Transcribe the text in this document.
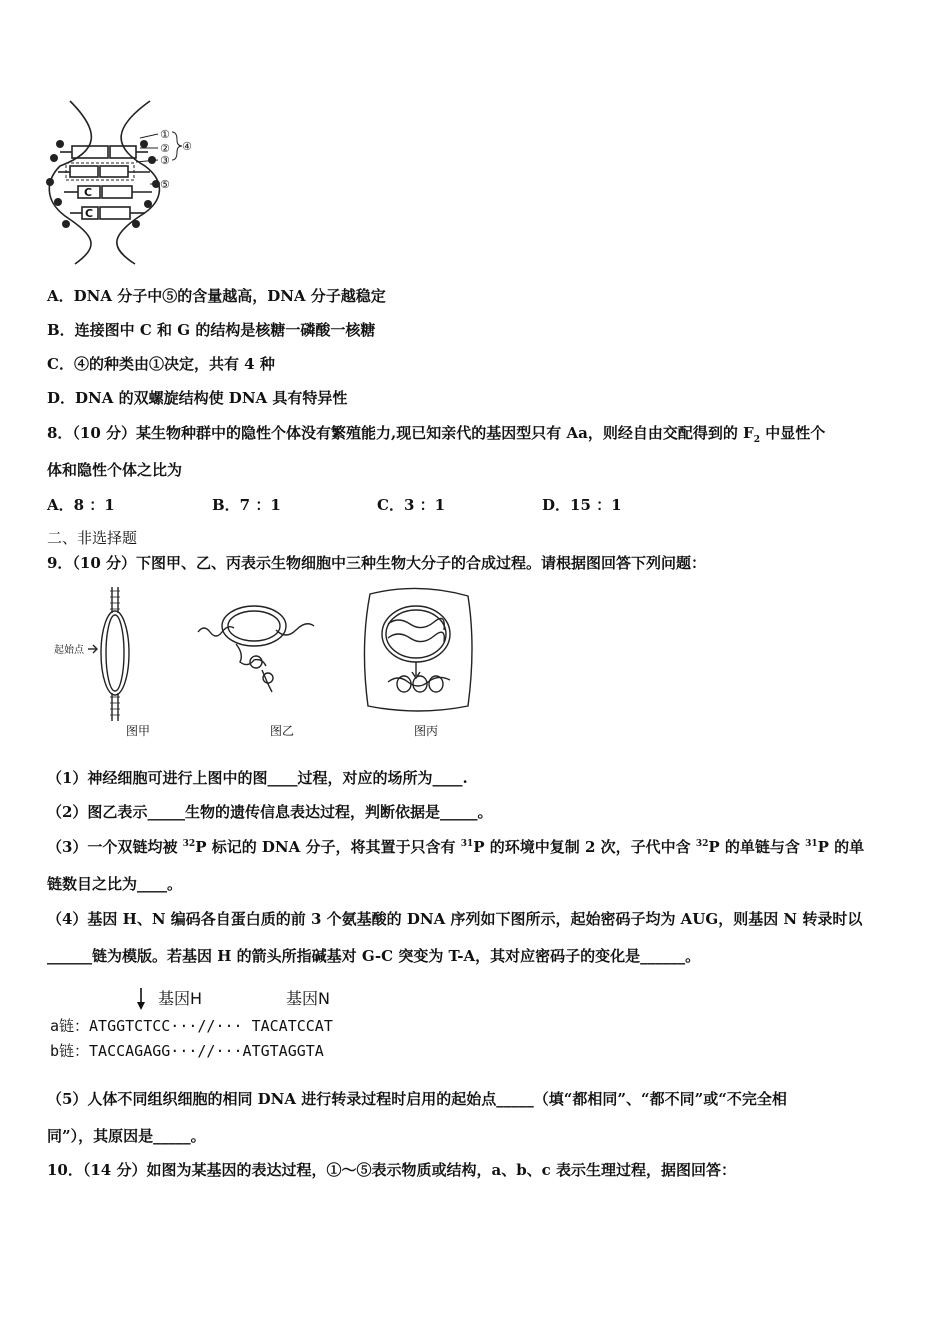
①
②
③
④
⑤
C
C
A．DNA 分子中⑤的含量越高，DNA 分子越稳定
B．连接图中 C 和 G 的结构是核糖一磷酸一核糖
C．④的种类由①决定，共有 4 种
D．DNA 的双螺旋结构使 DNA 具有特异性
8．（10 分）某生物种群中的隐性个体没有繁殖能力,现已知亲代的基因型只有 Aa，则经自由交配得到的 $F_2$ 中显性个
体和隐性个体之比为
A．8 ：1	B．7 ：1	C．3 ：1	D．15 ：1
二、非选择题
9．（10 分）下图甲、乙、丙表示生物细胞中三种生物大分子的合成过程。请根据图回答下列问题：
起始点
图甲	图乙	图丙
（1）神经细胞可进行上图中的图____过程，对应的场所为____.
（2）图乙表示_____生物的遗传信息表达过程，判断依据是_____。
（3）一个双链均被 $^{32}$P 标记的 DNA 分子，将其置于只含有 $^{31}$P 的环境中复制 2 次，子代中含 $^{32}$P 的单链与含 $^{31}$P 的单
链数目之比为____。
（4）基因 H、N 编码各自蛋白质的前 3 个氨基酸的 DNA 序列如下图所示，起始密码子均为 AUG，则基因 N 转录时以
______链为模版。若基因 H 的箭头所指碱基对 G-C 突变为 T-A，其对应密码子的变化是______。
基因H	基因N
a链：ATGGTCTCC···//··· TACATCCAT
b链：TACCAGAGG···//···ATGTAGGTA
（5）人体不同组织细胞的相同 DNA 进行转录过程时启用的起始点_____（填“都相同”、“都不同”或“不完全相
同”），其原因是_____。
10．（14 分）如图为某基因的表达过程，①～⑤表示物质或结构，a、b、c 表示生理过程，据图回答：
